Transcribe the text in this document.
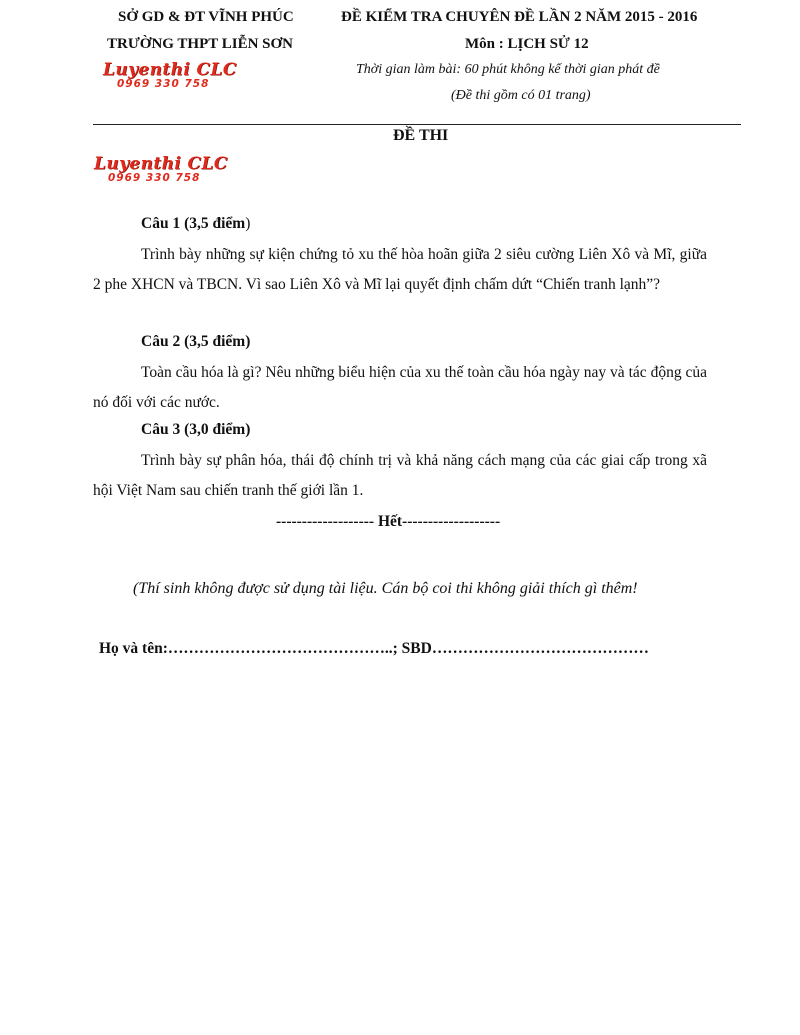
SỞ GD & ĐT VĨNH PHÚC
TRƯỜNG THPT LIỄN SƠN
Luyenthi CLC
0969 330 758
ĐỀ KIỂM TRA CHUYÊN ĐỀ LẦN 2 NĂM 2015 - 2016
Môn : LỊCH SỬ 12
Thời gian làm bài: 60 phút không kể thời gian phát đề
(Đề thi gồm có 01 trang)
ĐỀ THI
Luyenthi CLC
0969 330 758
Câu 1 (3,5 điểm)
Trình bày những sự kiện chứng tỏ xu thế hòa hoãn giữa 2 siêu cường Liên Xô và Mĩ, giữa 2 phe XHCN và TBCN. Vì sao Liên Xô và Mĩ lại quyết định chấm dứt “Chiến tranh lạnh”?
Câu 2 (3,5 điểm)
Toàn cầu hóa là gì? Nêu những biểu hiện của xu thế toàn cầu hóa ngày nay và tác động của nó đối với các nước.
Câu 3 (3,0 điểm)
Trình bày sự phân hóa, thái độ chính trị và khả năng cách mạng của các giai cấp trong xã hội Việt Nam sau chiến tranh thế giới lần 1.
------------------- Hết-------------------
(Thí sinh không được sử dụng tài liệu. Cán bộ coi thi không giải thích gì thêm!
Họ và tên:……………………………………..; SBD……………………………………
